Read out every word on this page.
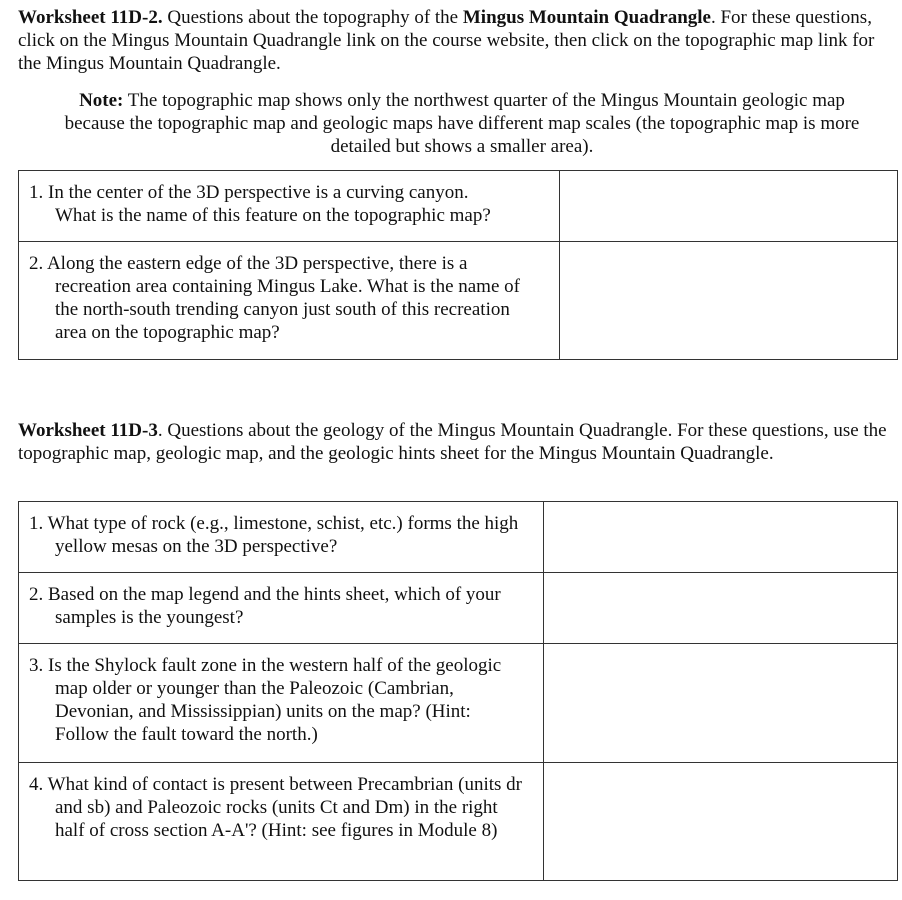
Worksheet 11D-2. Questions about the topography of the Mingus Mountain Quadrangle. For these questions, click on the Mingus Mountain Quadrangle link on the course website, then click on the topographic map link for the Mingus Mountain Quadrangle.

Note: The topographic map shows only the northwest quarter of the Mingus Mountain geologic map because the topographic map and geologic maps have different map scales (the topographic map is more detailed but shows a smaller area).

1. In the center of the 3D perspective is a curving canyon. What is the name of this feature on the topographic map?	

2. Along the eastern edge of the 3D perspective, there is a recreation area containing Mingus Lake. What is the name of the north-south trending canyon just south of this recreation area on the topographic map?	

Worksheet 11D-3. Questions about the geology of the Mingus Mountain Quadrangle. For these questions, use the topographic map, geologic map, and the geologic hints sheet for the Mingus Mountain Quadrangle.

1. What type of rock (e.g., limestone, schist, etc.) forms the high yellow mesas on the 3D perspective?	

2. Based on the map legend and the hints sheet, which of your samples is the youngest?	

3. Is the Shylock fault zone in the western half of the geologic map older or younger than the Paleozoic (Cambrian, Devonian, and Mississippian) units on the map? (Hint: Follow the fault toward the north.)	

4. What kind of contact is present between Precambrian (units dr and sb) and Paleozoic rocks (units Ct and Dm) in the right half of cross section A-A'? (Hint: see figures in Module 8)	
